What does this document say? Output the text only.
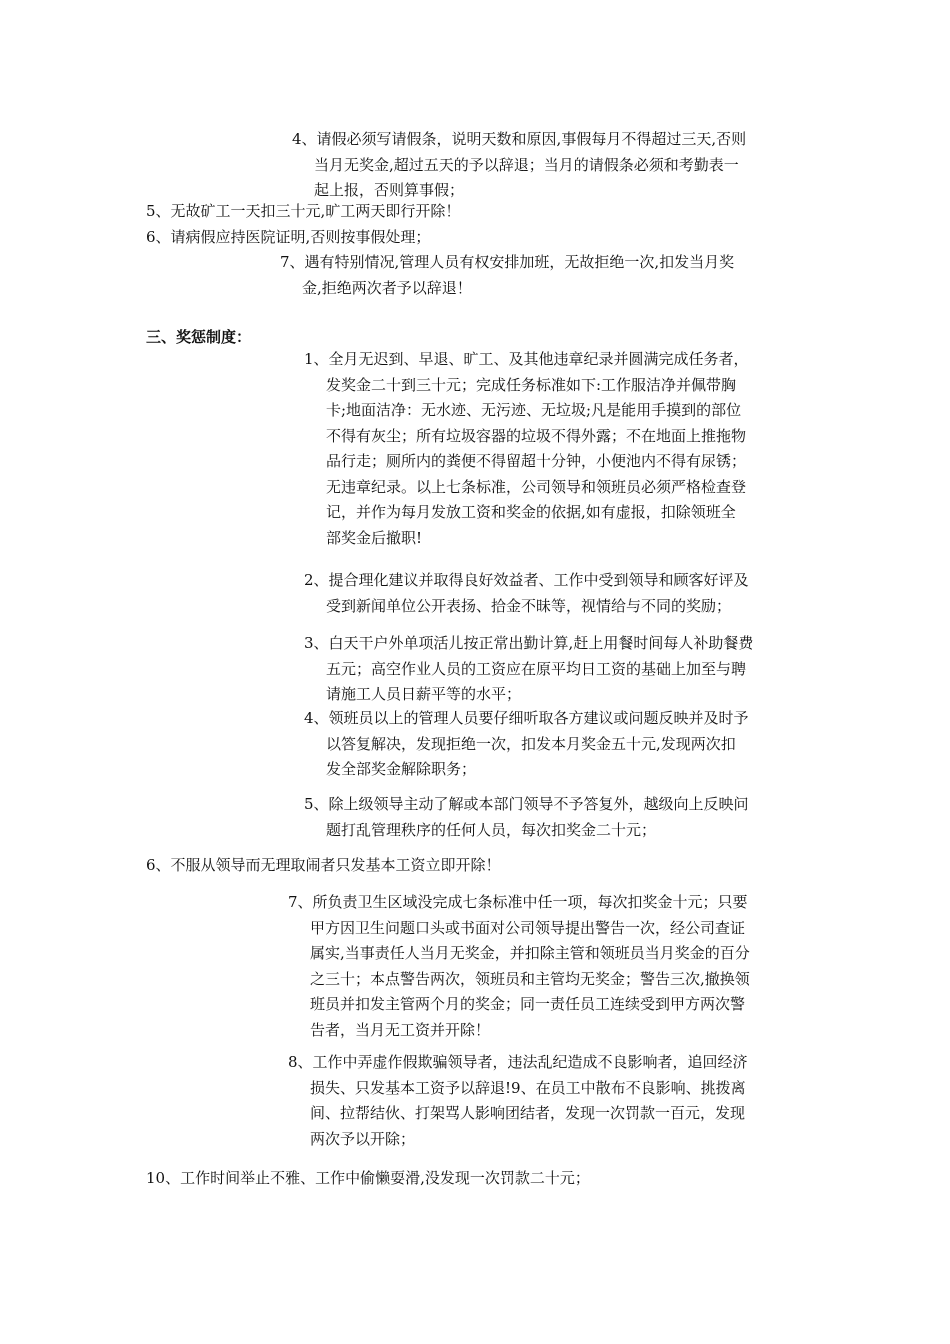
4、请假必须写请假条，说明天数和原因,事假每月不得超过三天,否则
当月无奖金,超过五天的予以辞退；当月的请假条必须和考勤表一
起上报，否则算事假；
5、无故矿工一天扣三十元,旷工两天即行开除！
6、请病假应持医院证明,否则按事假处理；
7、遇有特别情况,管理人员有权安排加班，无故拒绝一次,扣发当月奖
金,拒绝两次者予以辞退！
三、奖惩制度：
1、全月无迟到、早退、旷工、及其他违章纪录并圆满完成任务者，
发奖金二十到三十元；完成任务标准如下:工作服洁净并佩带胸
卡;地面洁净：无水迹、无污迹、无垃圾;凡是能用手摸到的部位
不得有灰尘；所有垃圾容器的垃圾不得外露；不在地面上推拖物
品行走；厕所内的粪便不得留超十分钟，小便池内不得有尿锈；
无违章纪录。以上七条标准，公司领导和领班员必须严格检查登
记，并作为每月发放工资和奖金的依据,如有虚报，扣除领班全
部奖金后撤职!
2、提合理化建议并取得良好效益者、工作中受到领导和顾客好评及
受到新闻单位公开表扬、拾金不昧等，视情给与不同的奖励；
3、白天干户外单项活儿按正常出勤计算,赶上用餐时间每人补助餐费
五元；高空作业人员的工资应在原平均日工资的基础上加至与聘
请施工人员日薪平等的水平；
4、领班员以上的管理人员要仔细听取各方建议或问题反映并及时予
以答复解决，发现拒绝一次，扣发本月奖金五十元,发现两次扣
发全部奖金解除职务；
5、除上级领导主动了解或本部门领导不予答复外，越级向上反映问
题打乱管理秩序的任何人员，每次扣奖金二十元；
6、不服从领导而无理取闹者只发基本工资立即开除！
7、所负责卫生区域没完成七条标准中任一项，每次扣奖金十元；只要
甲方因卫生问题口头或书面对公司领导提出警告一次，经公司查证
属实,当事责任人当月无奖金，并扣除主管和领班员当月奖金的百分
之三十；本点警告两次，领班员和主管均无奖金；警告三次,撤换领
班员并扣发主管两个月的奖金；同一责任员工连续受到甲方两次警
告者，当月无工资并开除！
8、工作中弄虚作假欺骗领导者，违法乱纪造成不良影响者，追回经济
损失、只发基本工资予以辞退!9、在员工中散布不良影响、挑拨离
间、拉帮结伙、打架骂人影响团结者，发现一次罚款一百元，发现
两次予以开除；
10、工作时间举止不雅、工作中偷懒耍滑,没发现一次罚款二十元；
